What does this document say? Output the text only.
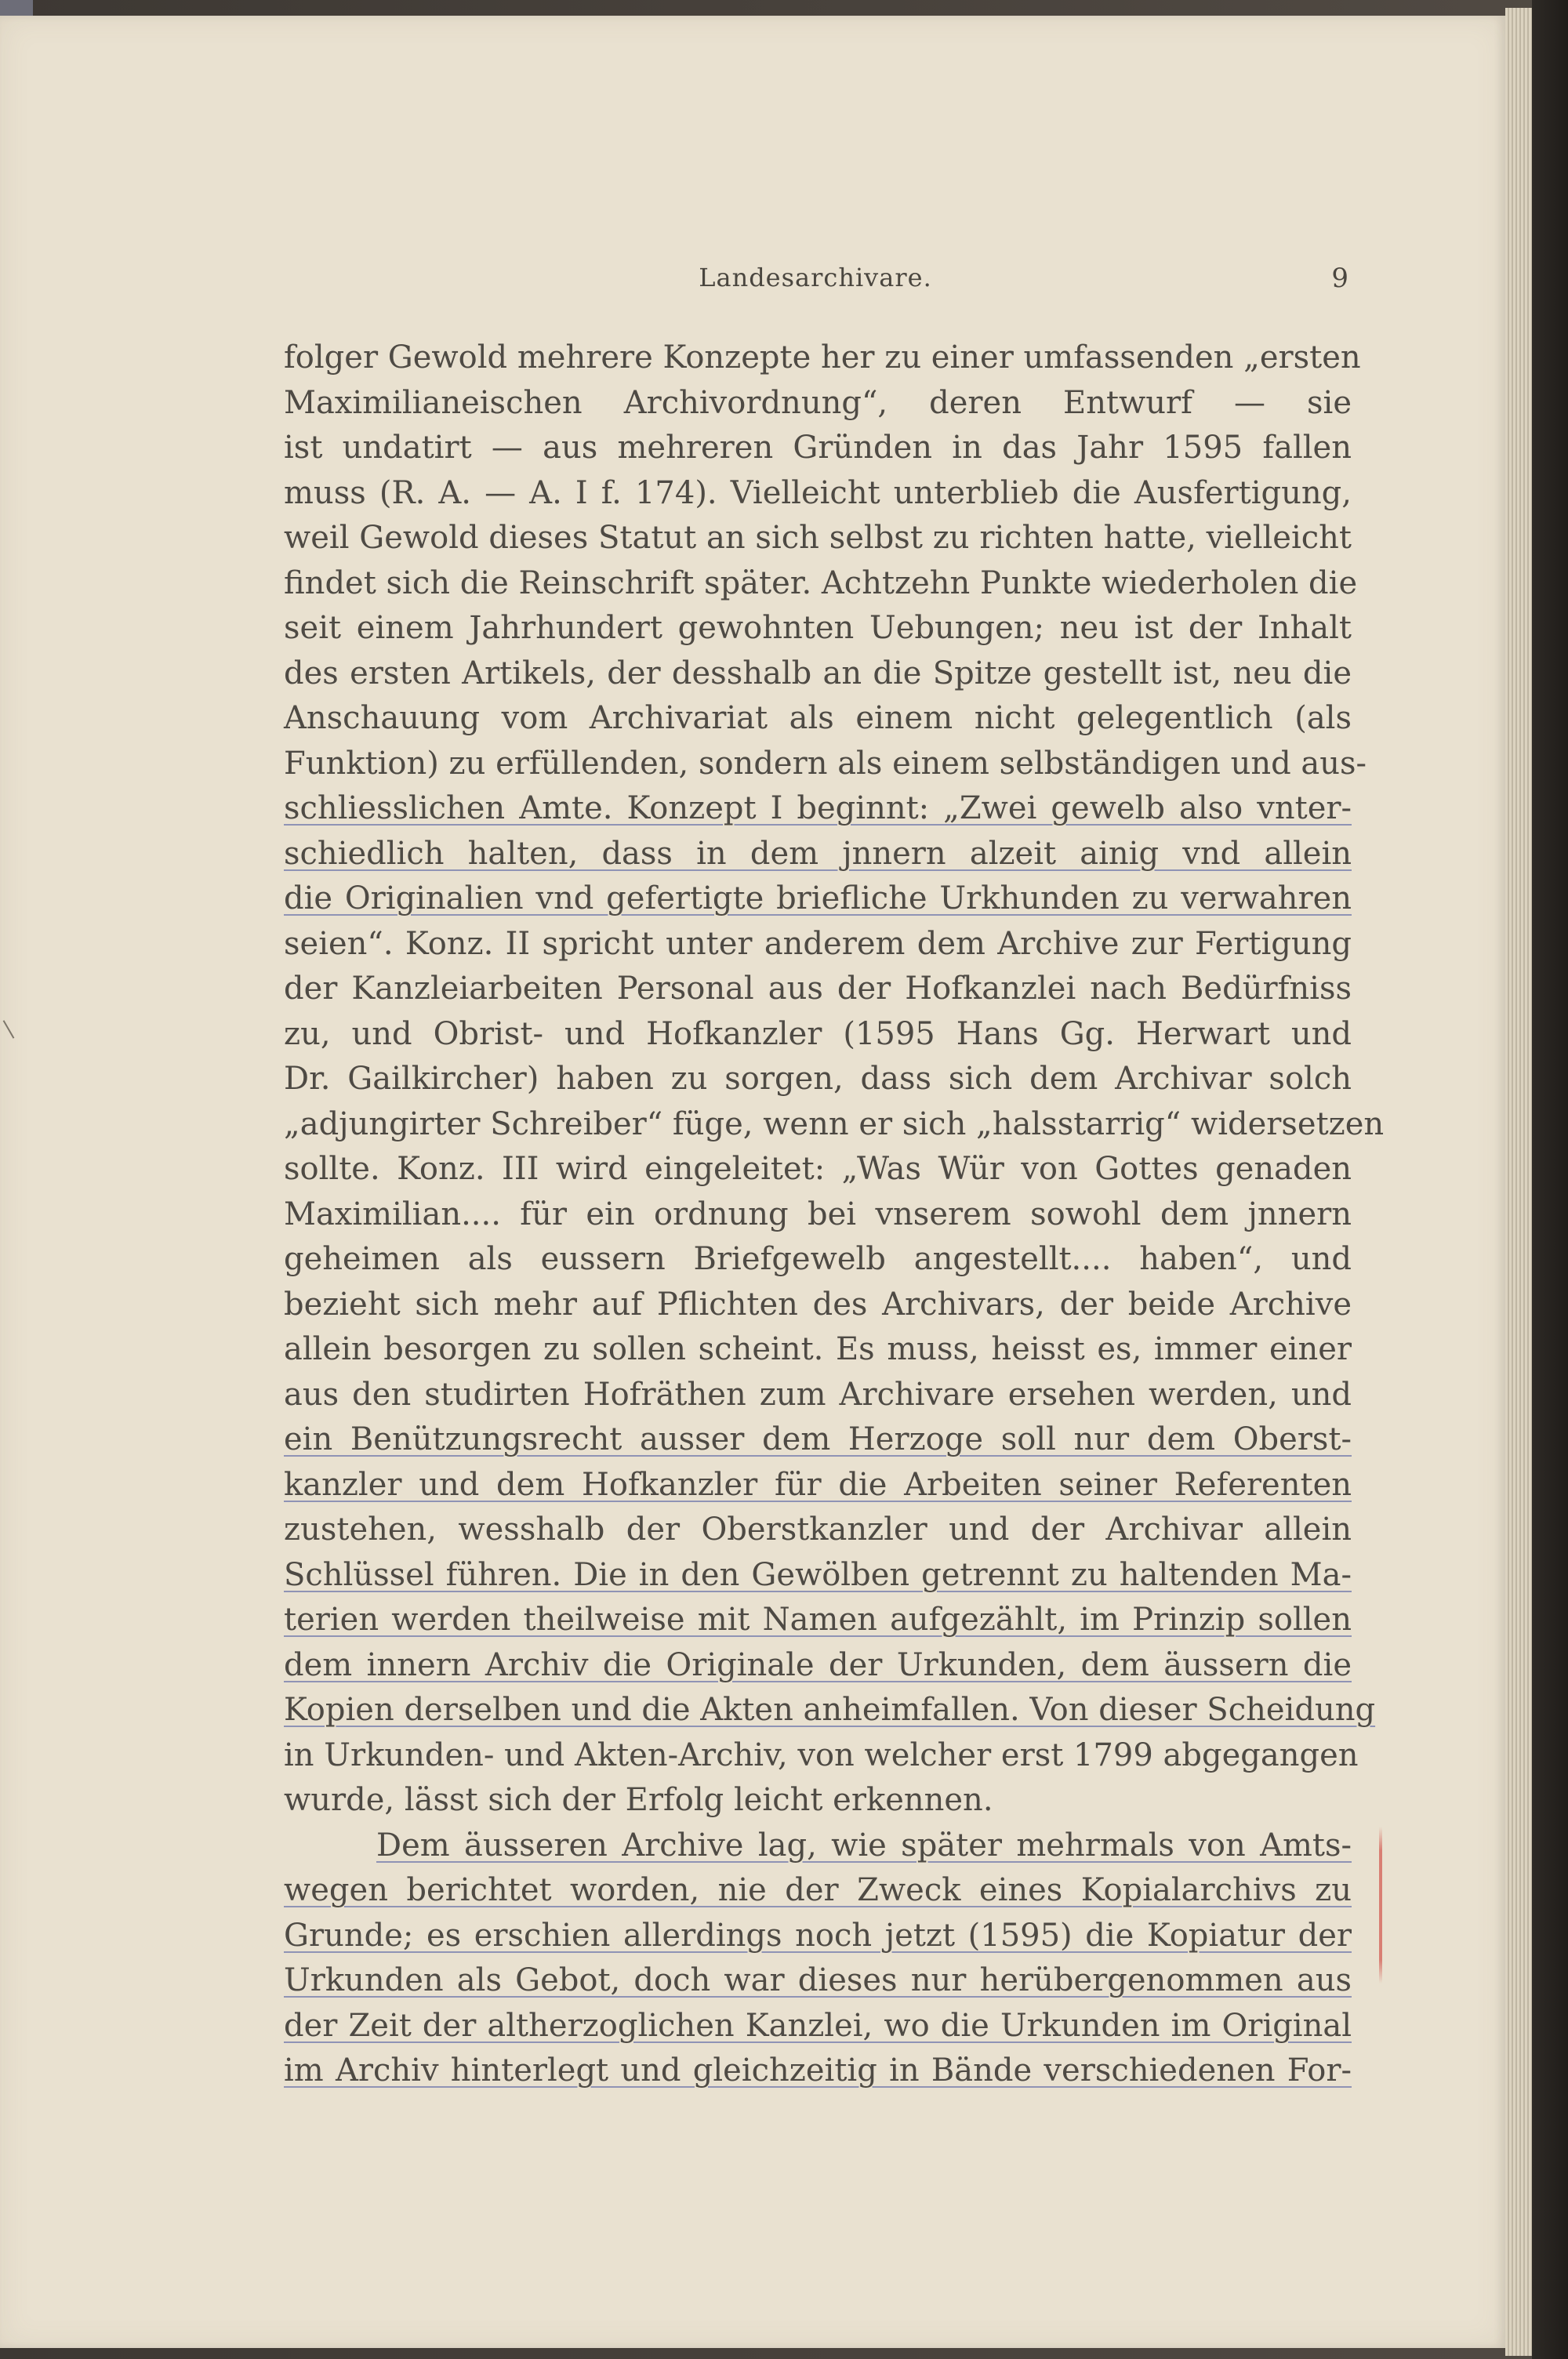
Landesarchivare.	9
folger Gewold mehrere Konzepte her zu einer umfassenden „ersten
Maximilianeischen Archivordnung“, deren Entwurf — sie
ist undatirt — aus mehreren Gründen in das Jahr 1595 fallen
muss (R. A. — A. I f. 174). Vielleicht unterblieb die Ausfertigung,
weil Gewold dieses Statut an sich selbst zu richten hatte, vielleicht
findet sich die Reinschrift später. Achtzehn Punkte wiederholen die
seit einem Jahrhundert gewohnten Uebungen; neu ist der Inhalt
des ersten Artikels, der desshalb an die Spitze gestellt ist, neu die
Anschauung vom Archivariat als einem nicht gelegentlich (als
Funktion) zu erfüllenden, sondern als einem selbständigen und aus-
schliesslichen Amte. Konzept I beginnt: „Zwei gewelb also vnter-
schiedlich halten, dass in dem jnnern alzeit ainig vnd allein
die Originalien vnd gefertigte briefliche Urkhunden zu verwahren
seien“. Konz. II spricht unter anderem dem Archive zur Fertigung
der Kanzleiarbeiten Personal aus der Hofkanzlei nach Bedürfniss
zu, und Obrist- und Hofkanzler (1595 Hans Gg. Herwart und
Dr. Gailkircher) haben zu sorgen, dass sich dem Archivar solch
„adjungirter Schreiber“ füge, wenn er sich „halsstarrig“ widersetzen
sollte. Konz. III wird eingeleitet: „Was Wür von Gottes genaden
Maximilian.... für ein ordnung bei vnserem sowohl dem jnnern
geheimen als eussern Briefgewelb angestellt.... haben“, und
bezieht sich mehr auf Pflichten des Archivars, der beide Archive
allein besorgen zu sollen scheint. Es muss, heisst es, immer einer
aus den studirten Hofräthen zum Archivare ersehen werden, und
ein Benützungsrecht ausser dem Herzoge soll nur dem Oberst-
kanzler und dem Hofkanzler für die Arbeiten seiner Referenten
zustehen, wesshalb der Oberstkanzler und der Archivar allein
Schlüssel führen. Die in den Gewölben getrennt zu haltenden Ma-
terien werden theilweise mit Namen aufgezählt, im Prinzip sollen
dem innern Archiv die Originale der Urkunden, dem äussern die
Kopien derselben und die Akten anheimfallen. Von dieser Scheidung
in Urkunden- und Akten-Archiv, von welcher erst 1799 abgegangen
wurde, lässt sich der Erfolg leicht erkennen.
Dem äusseren Archive lag, wie später mehrmals von Amts-
wegen berichtet worden, nie der Zweck eines Kopialarchivs zu
Grunde; es erschien allerdings noch jetzt (1595) die Kopiatur der
Urkunden als Gebot, doch war dieses nur herübergenommen aus
der Zeit der altherzoglichen Kanzlei, wo die Urkunden im Original
im Archiv hinterlegt und gleichzeitig in Bände verschiedenen For-
